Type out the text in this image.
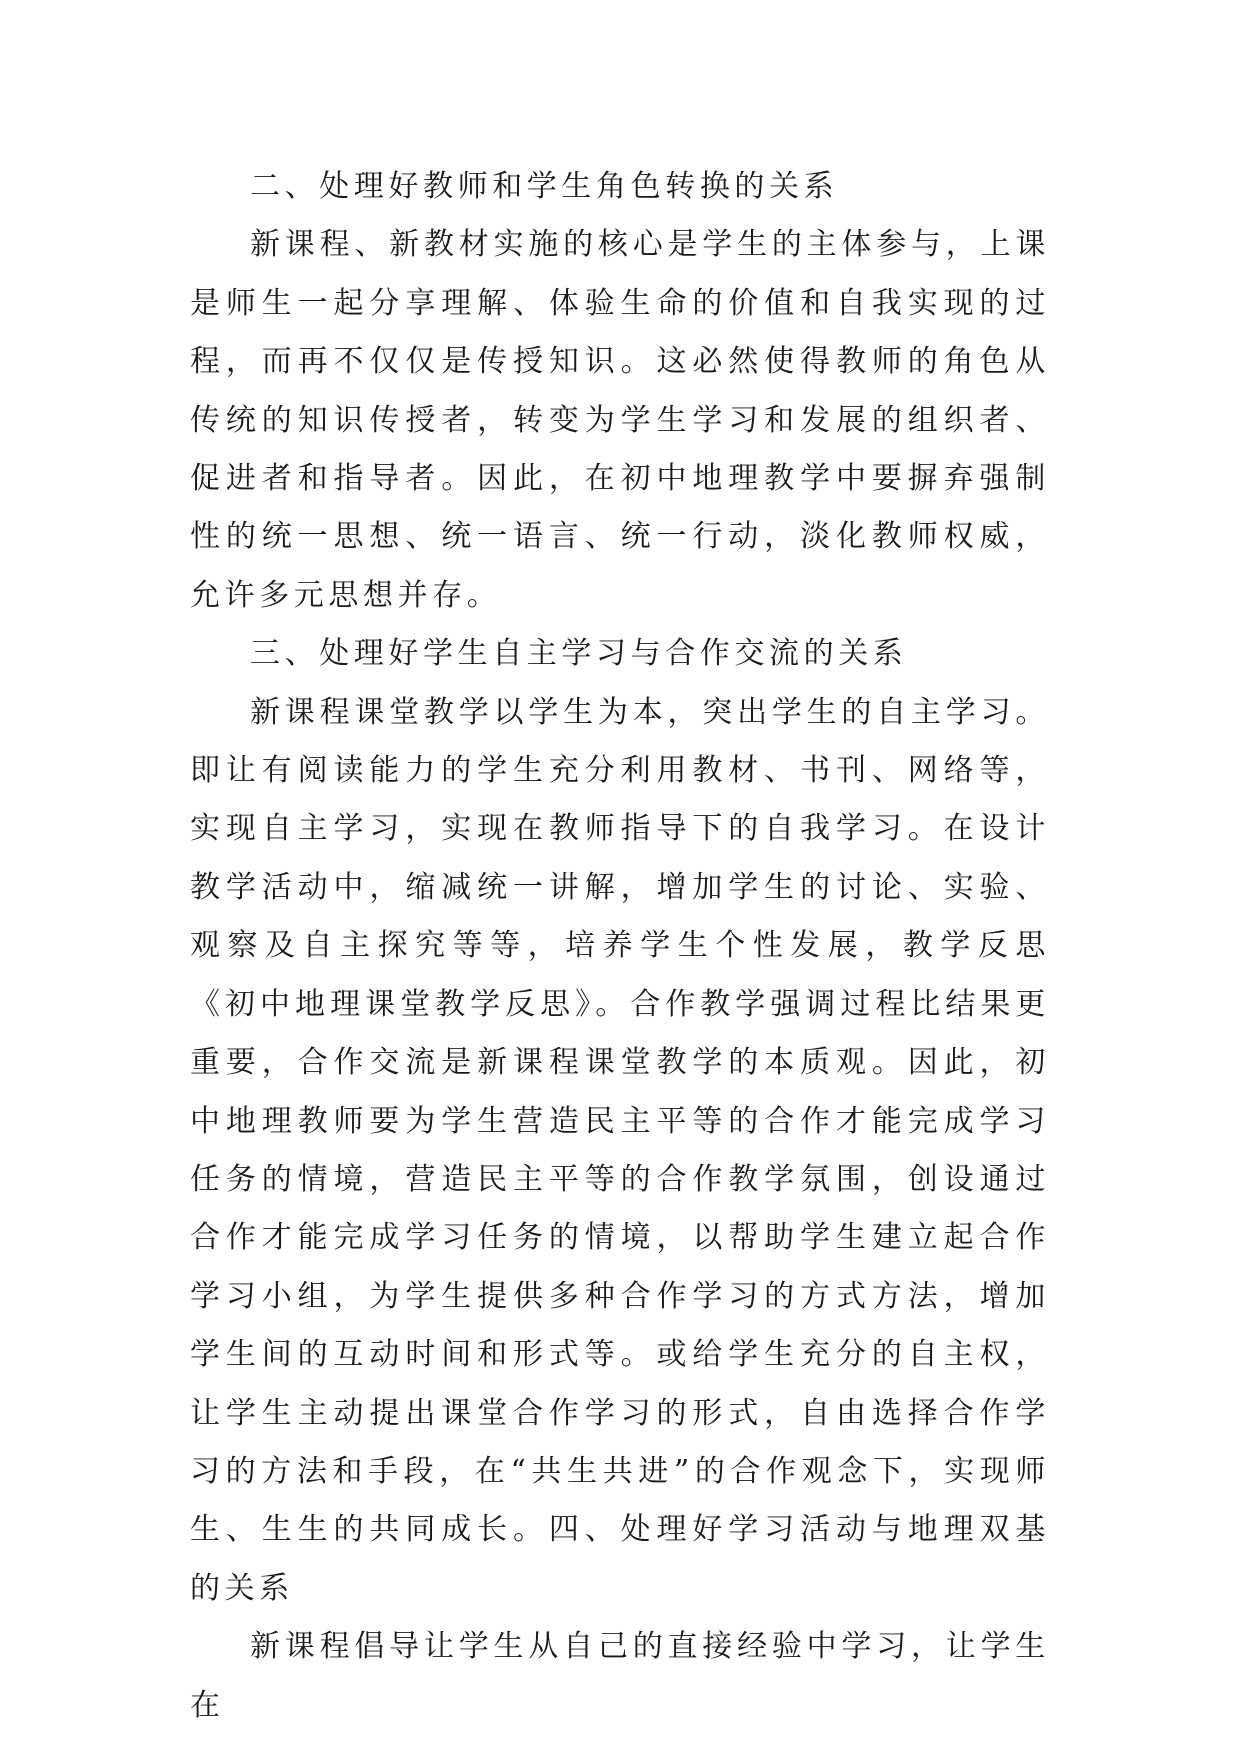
二、处理好教师和学生角色转换的关系

新课程、新教材实施的核心是学生的主体参与，上课是师生一起分享理解、体验生命的价值和自我实现的过程，而再不仅仅是传授知识。这必然使得教师的角色从传统的知识传授者，转变为学生学习和发展的组织者、促进者和指导者。因此，在初中地理教学中要摒弃强制性的统一思想、统一语言、统一行动，淡化教师权威，允许多元思想并存。

三、处理好学生自主学习与合作交流的关系

新课程课堂教学以学生为本，突出学生的自主学习。即让有阅读能力的学生充分利用教材、书刊、网络等，实现自主学习，实现在教师指导下的自我学习。在设计教学活动中，缩减统一讲解，增加学生的讨论、实验、观察及自主探究等等，培养学生个性发展，教学反思《初中地理课堂教学反思》。合作教学强调过程比结果更重要，合作交流是新课程课堂教学的本质观。因此，初中地理教师要为学生营造民主平等的合作才能完成学习任务的情境，营造民主平等的合作教学氛围，创设通过合作才能完成学习任务的情境，以帮助学生建立起合作学习小组，为学生提供多种合作学习的方式方法，增加学生间的互动时间和形式等。或给学生充分的自主权，让学生主动提出课堂合作学习的形式，自由选择合作学习的方法和手段，在“共生共进”的合作观念下，实现师生、生生的共同成长。四、处理好学习活动与地理双基的关系

新课程倡导让学生从自己的直接经验中学习，让学生在
